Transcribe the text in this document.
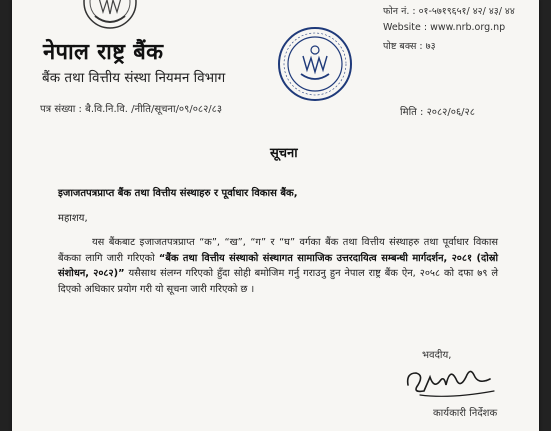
नेपाल राष्ट्र बैंक
बैंक तथा वित्तीय संस्था नियमन विभाग
फोन नं. : ०१-५७१९६५१/ ४२/ ४३/ ४४
Website : www.nrb.org.np
पोष्ट बक्स : ७३
पत्र संख्या : बै.वि.नि.वि. /नीति/सूचना/०९/०८२/८३	मिति : २०८२/०६/२८
सूचना
इजाजतपत्रप्राप्त बैंक तथा वित्तीय संस्थाहरु र पूर्वाधार विकास बैंक,
महाशय,

यस बैंकबाट इजाजतपत्रप्राप्त “क”, “ख”, “ग” र “घ” वर्गका बैंक तथा वित्तीय संस्थाहरु तथा पूर्वाधार विकास बैंकका लागि जारी गरिएको “बैंक तथा वित्तीय संस्थाको संस्थागत सामाजिक उत्तरदायित्व सम्बन्धी मार्गदर्शन, २०८१ (दोस्रो संशोधन, २०८२)” यसैसाथ संलग्न गरिएको हुँदा सोही बमोजिम गर्नु गराउनु हुन नेपाल राष्ट्र बैंक ऐन, २०५८ को दफा ७९ ले दिएको अधिकार प्रयोग गरी यो सूचना जारी गरिएको छ ।

भवदीय,
कार्यकारी निर्देशक
